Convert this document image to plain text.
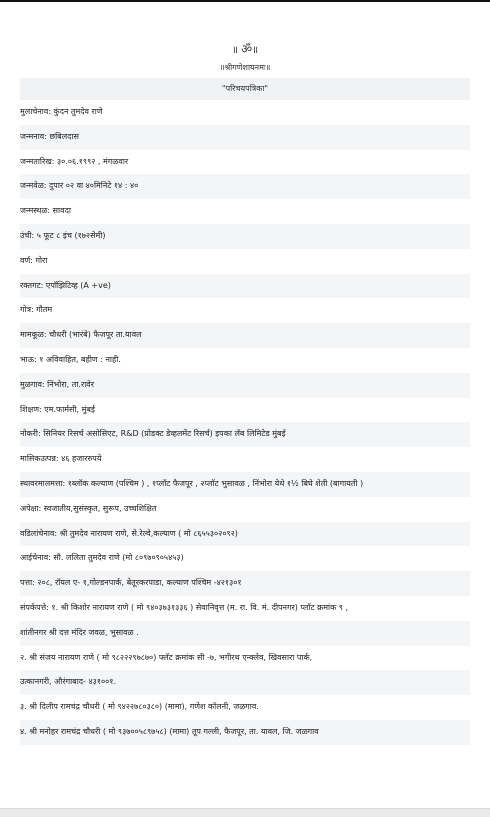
॥ ॐ॥
॥श्रीगणेशायनमः॥
"परिचयपत्रिका"
मुलाचेनाव: कुंदन तुमदेव राणे
जन्मनाव: छबिलदास
जन्मतारिख: ३०.०६.१९९२ , मंगळवार
जन्मवेळ: दुपार ०२ वा ४०मिनिटे १४ : ४०
जन्मस्थळ: सावदा
उंची: ५ फूट ८ इंच (१७२सेमी)
वर्ण: गोरा
रक्तगट: एपॉझिटिव्ह (A +ve)
गोत्र: गौतम
मामकूळ: चौधरी (भारंबे) फैजपूर ता.यावल
भाऊ: १ अविवाहित, बहीण : नाही.
मुळगाव: निंभोरा, ता.रावेर
शिक्षण: एम.फार्मसी, मुंबई
नोकरी: सिनियर रिसर्च असोसिएट, R&D (प्रोडक्ट डेव्हलमेंट रिसर्च) इपका लॅब लिमिटेड मुंबई
मासिकउत्पन्न: ४६ हजाररुपये
स्थावरमालमत्ता: १ब्लॉक कल्याण (पश्चिम ) , १प्लॉट फैजपूर , २प्लॉट भुसावळ , निंभोरा येथे १½ बिघे शेती (बागायती )
अपेक्षा: स्वजातीय,सुसंस्कृत, सुरूप, उच्चशिक्षित
वडिलांचेनाव: श्री तुमदेव नारायण राणे, से.रेल्वे,कल्याण ( मो ८६५५३०२०९२)
आईचेनाव: सौ. ललिता तुमदेव राणे (मो ८०९७०९०५४५३)
पत्ता: २०८, रॉयल ए- १,गोल्डनपार्क, बेतूरकरपाडा, कल्याण पश्चिम -४२१३०१
संपर्कपत्ते: १. श्री किशोर नारायण राणे ( मो ९४०३७३१३३६ ) सेवानिवृत्त (म. रा. वि. मं. दीपनगर) प्लॉट क्रमांक ९ ,
शांतीनगर श्री दत्त मंदिर जवळ, भुसावळ .
२. श्री संजय नारायण राणे ( मो ९८२२२९७८७०) फ्लॅट क्रमांक सी -७, भगीरथ एन्क्लेव, खिवसारा पार्क,
उत्कानगरी, औरंगाबाद- ४३१००१.
३. श्री दिलीप रामचंद्र चौधरी ( मो ९४२२७८०३८०) (मामा), गणेश कॉलनी, जळगाव.
४. श्री मनोहर रामचंद्र चौधरी ( मो ९३७००५८९७५८) (मामा) तूप गल्ली, फैजपूर, ता. यावल, जि. जळगाव
